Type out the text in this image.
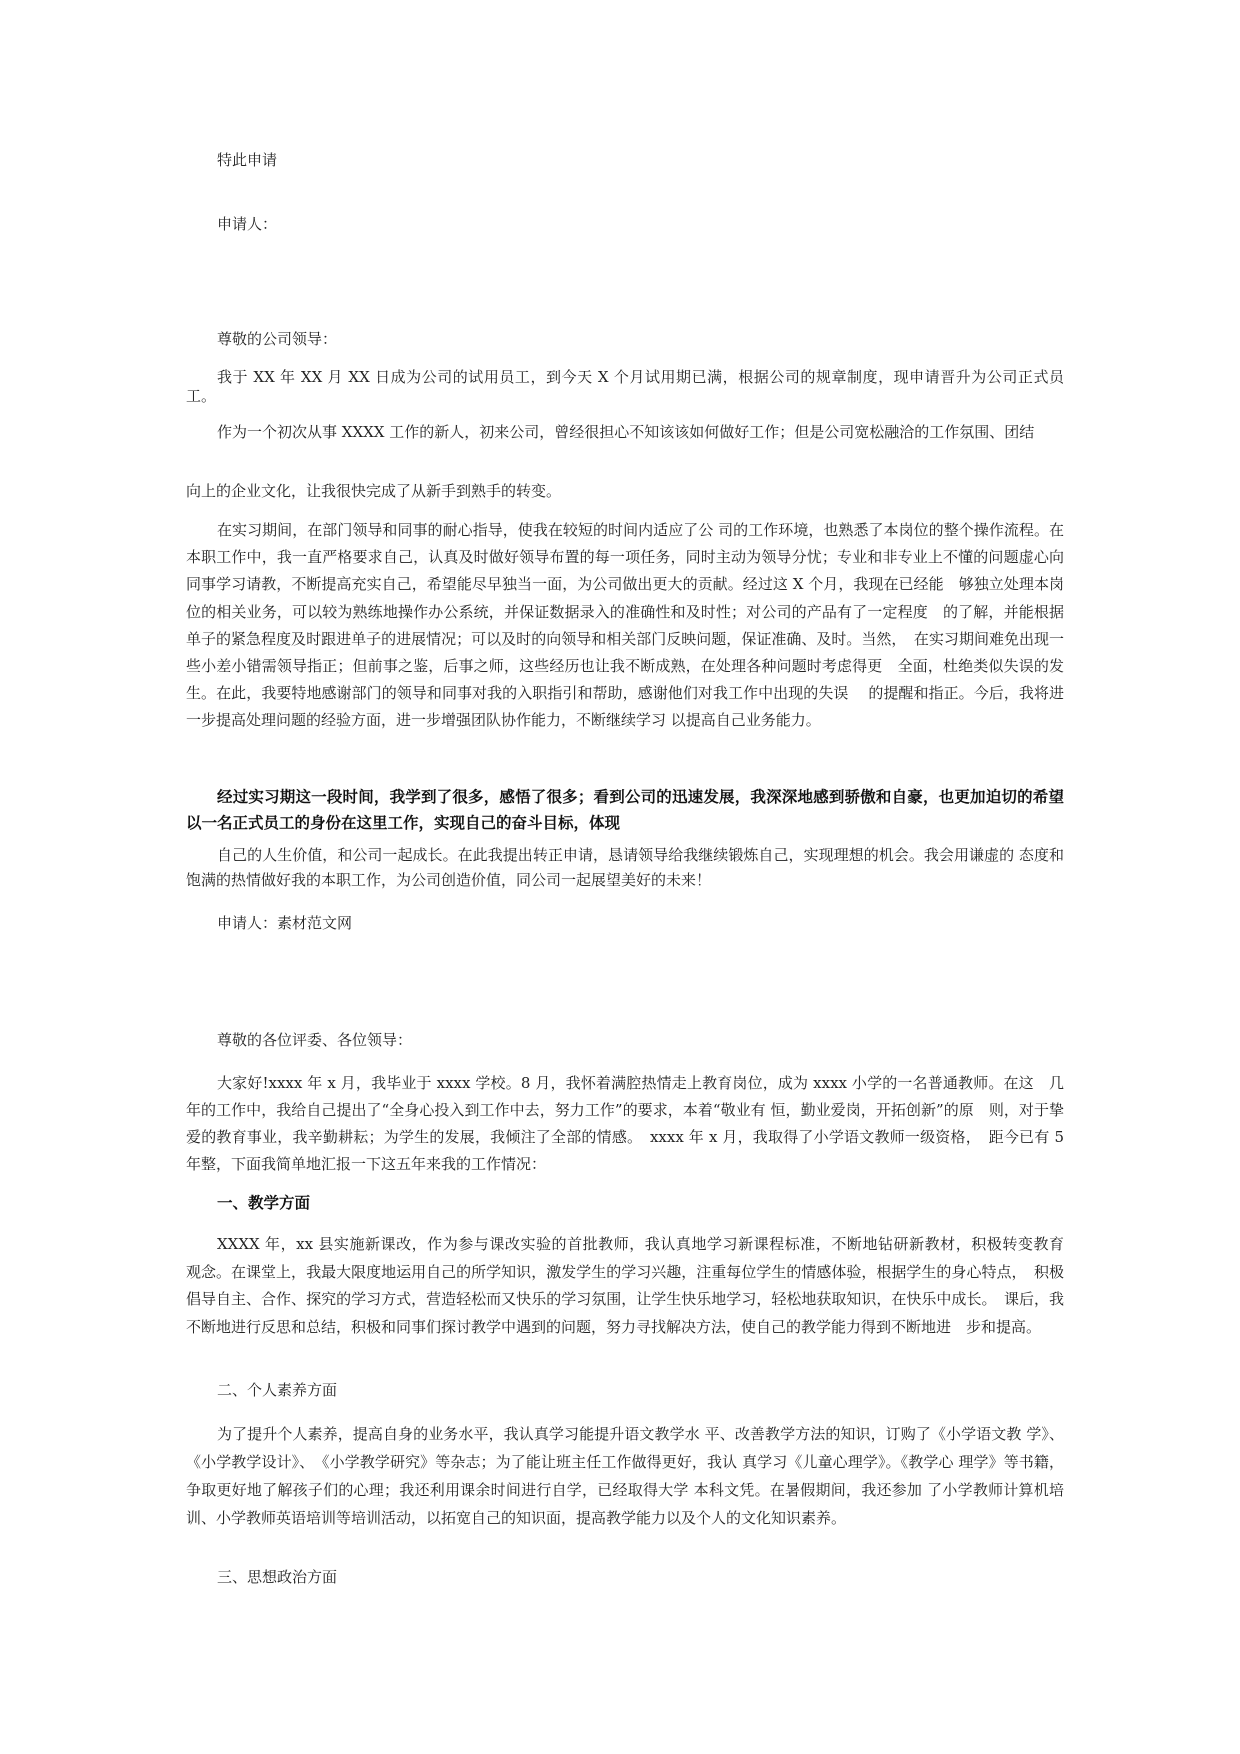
特此申请

申请人：

尊敬的公司领导：

我于 XX 年 XX 月 XX 日成为公司的试用员工，到今天 X 个月试用期已满，根据公司的规章制度，现申请晋升为公司正式员工。

作为一个初次从事 XXXX 工作的新人，初来公司，曾经很担心不知该该如何做好工作；但是公司宽松融洽的工作氛围、团结

向上的企业文化，让我很快完成了从新手到熟手的转变。

在实习期间，在部门领导和同事的耐心指导，使我在较短的时间内适应了公 司的工作环境，也熟悉了本岗位的整个操作流程。在本职工作中，我一直严格要求自己，认真及时做好领导布置的每一项任务，同时主动为领导分忧；专业和非专业上不懂的问题虚心向同事学习请教，不断提高充实自己，希望能尽早独当一面，为公司做出更大的贡献。经过这 X 个月，我现在已经能　够独立处理本岗位的相关业务，可以较为熟练地操作办公系统，并保证数据录入的准确性和及时性；对公司的产品有了一定程度　的了解，并能根据单子的紧急程度及时跟进单子的进展情况；可以及时的向领导和相关部门反映问题，保证准确、及时。当然，　在实习期间难免出现一些小差小错需领导指正；但前事之鉴，后事之师，这些经历也让我不断成熟，在处理各种问题时考虑得更　全面，杜绝类似失误的发生。在此，我要特地感谢部门的领导和同事对我的入职指引和帮助，感谢他们对我工作中出现的失误　 的提醒和指正。今后，我将进一步提高处理问题的经验方面，进一步增强团队协作能力，不断继续学习 以提高自己业务能力。

经过实习期这一段时间，我学到了很多，感悟了很多；看到公司的迅速发展，我深深地感到骄傲和自豪，也更加迫切的希望 以一名正式员工的身份在这里工作，实现自己的奋斗目标，体现

自己的人生价值，和公司一起成长。在此我提出转正申请，恳请领导给我继续锻炼自己，实现理想的机会。我会用谦虚的 态度和饱满的热情做好我的本职工作，为公司创造价值，同公司一起展望美好的未来！

申请人：素材范文网

尊敬的各位评委、各位领导：

大家好!xxxx 年 x 月，我毕业于 xxxx 学校。8 月，我怀着满腔热情走上教育岗位，成为 xxxx 小学的一名普通教师。在这　几年的工作中，我给自己提出了“全身心投入到工作中去，努力工作”的要求，本着“敬业有 恒，勤业爱岗，开拓创新”的原　则，对于挚爱的教育事业，我辛勤耕耘；为学生的发展，我倾注了全部的情感。　xxxx 年 x 月，我取得了小学语文教师一级资格，　距今已有 5 年整，下面我简单地汇报一下这五年来我的工作情况：

一、教学方面

XXXX 年，xx 县实施新课改，作为参与课改实验的首批教师，我认真地学习新课程标准，不断地钻研新教材，积极转变教育　观念。在课堂上，我最大限度地运用自己的所学知识，激发学生的学习兴趣，注重每位学生的情感体验，根据学生的身心特点，　积极倡导自主、合作、探究的学习方式，营造轻松而又快乐的学习氛围，让学生快乐地学习，轻松地获取知识，在快乐中成长。　课后，我不断地进行反思和总结，积极和同事们探讨教学中遇到的问题，努力寻找解决方法，使自己的教学能力得到不断地进　步和提高。

二、个人素养方面

为了提升个人素养，提高自身的业务水平，我认真学习能提升语文教学水 平、改善教学方法的知识，订购了《小学语文教 学》、《小学教学设计》、　《小学教学研究》等杂志；为了能让班主任工作做得更好，我认 真学习《儿童心理学》。《教学心 理学》等书籍，争取更好地了解孩子们的心理；我还利用课余时间进行自学，已经取得大学 本科文凭。在暑假期间，我还参加 了小学教师计算机培训、小学教师英语培训等培训活动，以拓宽自己的知识面，提高教学能力以及个人的文化知识素养。

三、思想政治方面
